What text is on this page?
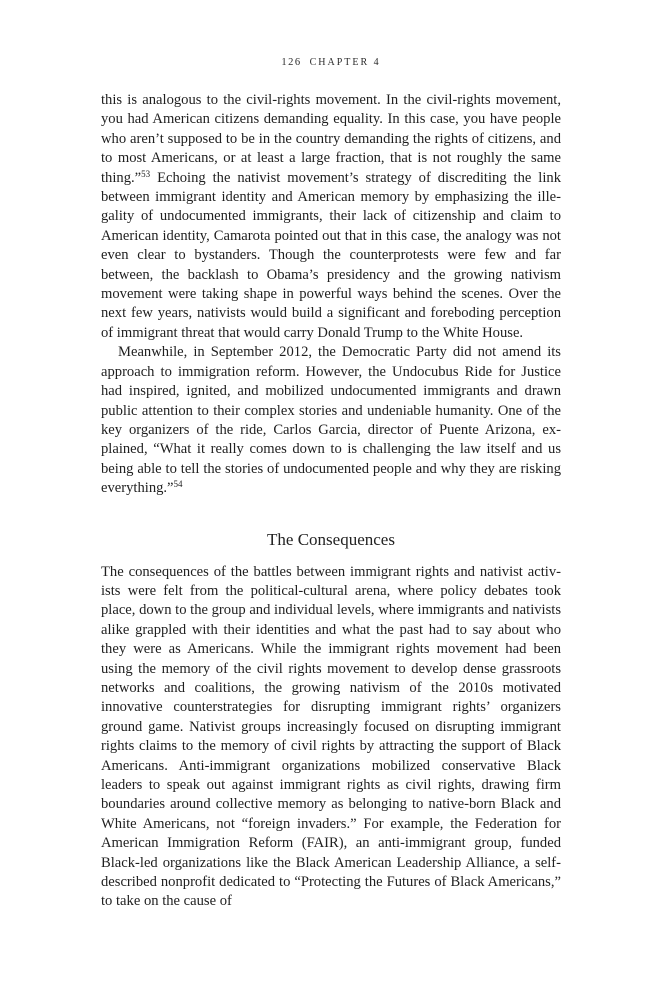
126 CHAPTER 4

this is analogous to the civil-rights movement. In the civil-rights movement, you had American citizens demanding equality. In this case, you have people who aren’t supposed to be in the country demanding the rights of citizens, and to most Americans, or at least a large fraction, that is not roughly the same thing.”$^{53}$ Echoing the nativist movement’s strategy of discrediting the link between immigrant identity and American memory by emphasizing the illegality of undocumented immigrants, their lack of citizenship and claim to American identity, Camarota pointed out that in this case, the analogy was not even clear to bystanders. Though the counterprotests were few and far between, the backlash to Obama’s presidency and the growing nativism movement were taking shape in powerful ways behind the scenes. Over the next few years, nativists would build a significant and foreboding perception of immigrant threat that would carry Donald Trump to the White House.

Meanwhile, in September 2012, the Democratic Party did not amend its approach to immigration reform. However, the Undocubus Ride for Justice had inspired, ignited, and mobilized undocumented immigrants and drawn public attention to their complex stories and undeniable humanity. One of the key organizers of the ride, Carlos Garcia, director of Puente Arizona, explained, “What it really comes down to is challenging the law itself and us being able to tell the stories of undocumented people and why they are risking everything.”$^{54}$

The Consequences

The consequences of the battles between immigrant rights and nativist activists were felt from the political-cultural arena, where policy debates took place, down to the group and individual levels, where immigrants and nativists alike grappled with their identities and what the past had to say about who they were as Americans. While the immigrant rights movement had been using the memory of the civil rights movement to develop dense grassroots networks and coalitions, the growing nativism of the 2010s motivated innovative counterstrategies for disrupting immigrant rights’ organizers ground game. Nativist groups increasingly focused on disrupting immigrant rights claims to the memory of civil rights by attracting the support of Black Americans. Anti-immigrant organizations mobilized conservative Black leaders to speak out against immigrant rights as civil rights, drawing firm boundaries around collective memory as belonging to native-born Black and White Americans, not “foreign invaders.” For example, the Federation for American Immigration Reform (FAIR), an anti-immigrant group, funded Black-led organizations like the Black American Leadership Alliance, a self-described nonprofit dedicated to “Protecting the Futures of Black Americans,” to take on the cause of
